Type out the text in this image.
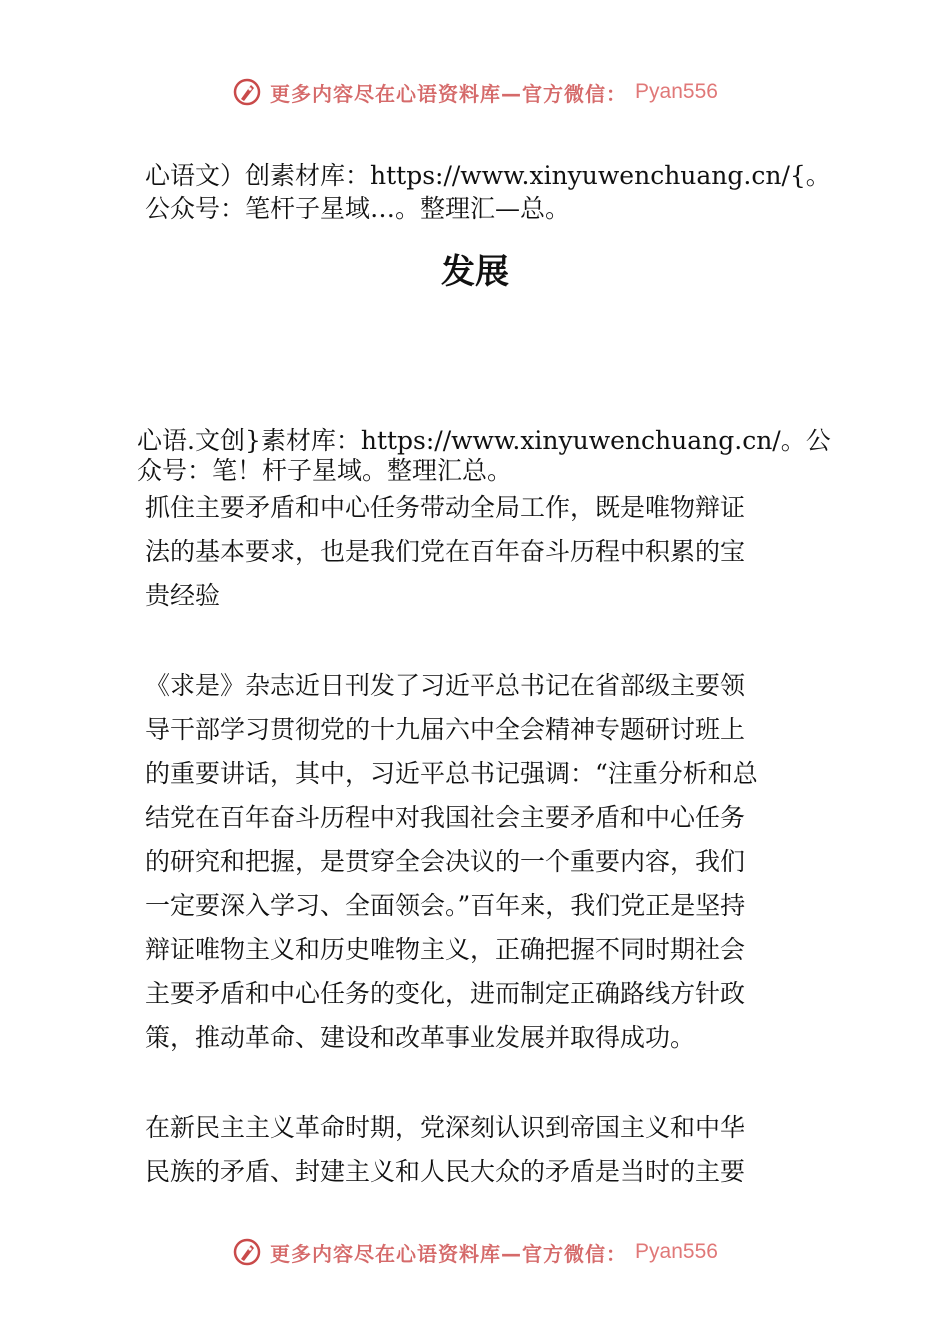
更多内容尽在心语资料库—官方微信： Pyan556
心语文）创素材库：https://www.xinyuwenchuang.cn/{。
公众号：笔杆子星域…。整理汇—总。
发展
心语.文创}素材库：https://www.xinyuwenchuang.cn/。公
众号：笔！杆子星域。整理汇总。

抓住主要矛盾和中心任务带动全局工作，既是唯物辩证

法的基本要求，也是我们党在百年奋斗历程中积累的宝

贵经验

《求是》杂志近日刊发了习近平总书记在省部级主要领

导干部学习贯彻党的十九届六中全会精神专题研讨班上

的重要讲话，其中，习近平总书记强调：“注重分析和总

结党在百年奋斗历程中对我国社会主要矛盾和中心任务

的研究和把握，是贯穿全会决议的一个重要内容，我们

一定要深入学习、全面领会。”百年来，我们党正是坚持

辩证唯物主义和历史唯物主义，正确把握不同时期社会

主要矛盾和中心任务的变化，进而制定正确路线方针政

策，推动革命、建设和改革事业发展并取得成功。

在新民主主义革命时期，党深刻认识到帝国主义和中华

民族的矛盾、封建主义和人民大众的矛盾是当时的主要

更多内容尽在心语资料库—官方微信： Pyan556
